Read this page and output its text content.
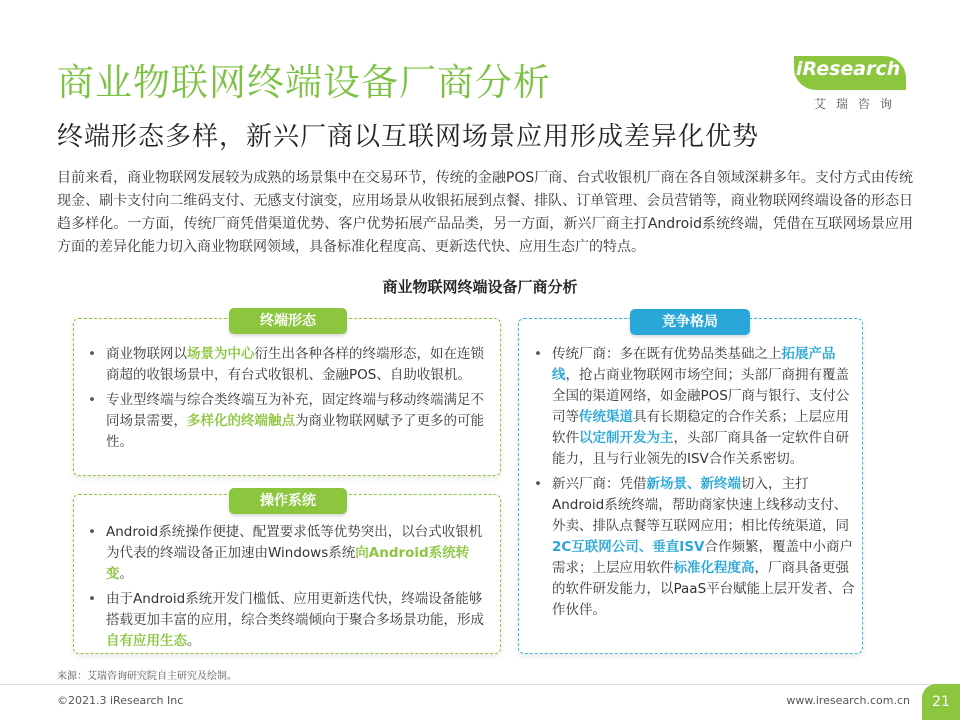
商业物联网终端设备厂商分析
终端形态多样，新兴厂商以互联网场景应用形成差异化优势
iResearch
艾瑞咨询
目前来看，商业物联网发展较为成熟的场景集中在交易环节，传统的金融POS厂商、台式收银机厂商在各自领域深耕多年。支付方式由传统现金、刷卡支付向二维码支付、无感支付演变，应用场景从收银拓展到点餐、排队、订单管理、会员营销等，商业物联网终端设备的形态日趋多样化。一方面，传统厂商凭借渠道优势、客户优势拓展产品品类，另一方面，新兴厂商主打Android系统终端，凭借在互联网场景应用方面的差异化能力切入商业物联网领域，具备标准化程度高、更新迭代快、应用生态广的特点。
商业物联网终端设备厂商分析
终端形态
操作系统
竞争格局
• 商业物联网以场景为中心衍生出各种各样的终端形态，如在连锁商超的收银场景中，有台式收银机、金融POS、自助收银机。
• 专业型终端与综合类终端互为补充，固定终端与移动终端满足不同场景需要，多样化的终端触点为商业物联网赋予了更多的可能性。
• Android系统操作便捷、配置要求低等优势突出，以台式收银机为代表的终端设备正加速由Windows系统向Android系统转变。
• 由于Android系统开发门槛低、应用更新迭代快，终端设备能够搭载更加丰富的应用，综合类终端倾向于聚合多场景功能，形成自有应用生态。
• 传统厂商：多在既有优势品类基础之上拓展产品线，抢占商业物联网市场空间；头部厂商拥有覆盖全国的渠道网络，如金融POS厂商与银行、支付公司等传统渠道具有长期稳定的合作关系；上层应用软件以定制开发为主，头部厂商具备一定软件自研能力，且与行业领先的ISV合作关系密切。
• 新兴厂商：凭借新场景、新终端切入，主打Android系统终端，帮助商家快速上线移动支付、外卖、排队点餐等互联网应用；相比传统渠道，同2C互联网公司、垂直ISV合作频繁，覆盖中小商户需求；上层应用软件标准化程度高，厂商具备更强的软件研发能力，以PaaS平台赋能上层开发者、合作伙伴。
来源：艾瑞咨询研究院自主研究及绘制。
©2021.3 iResearch Inc	www.iresearch.com.cn	21
